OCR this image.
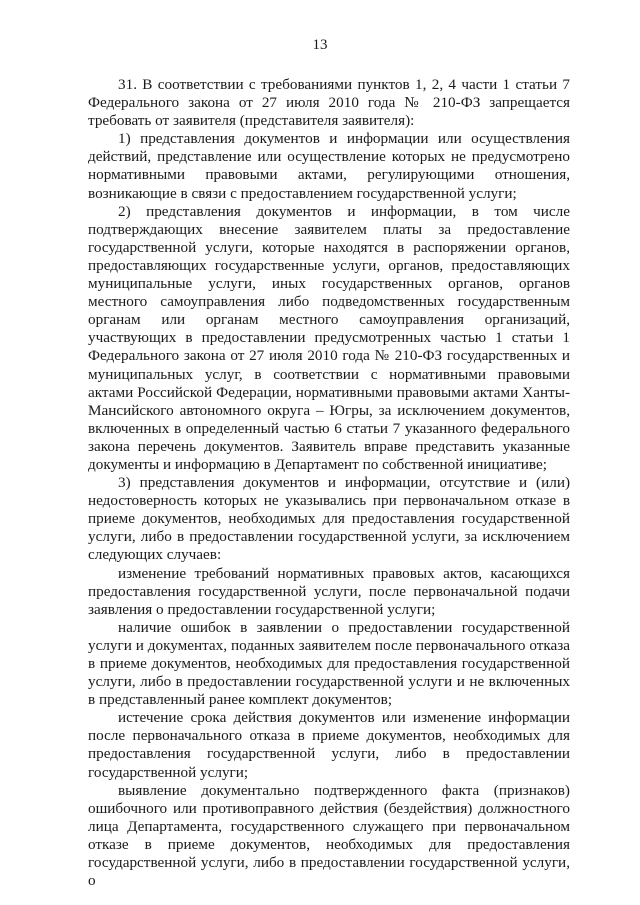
13

31. В соответствии с требованиями пунктов 1, 2, 4 части 1 статьи 7 Федерального закона от 27 июля 2010 года № 210-ФЗ запрещается требовать от заявителя (представителя заявителя):

1) представления документов и информации или осуществления действий, представление или осуществление которых не предусмотрено нормативными правовыми актами, регулирующими отношения, возникающие в связи с предоставлением государственной услуги;

2) представления документов и информации, в том числе подтверждающих внесение заявителем платы за предоставление государственной услуги, которые находятся в распоряжении органов, предоставляющих государственные услуги, органов, предоставляющих муниципальные услуги, иных государственных органов, органов местного самоуправления либо подведомственных государственным органам или органам местного самоуправления организаций, участвующих в предоставлении предусмотренных частью 1 статьи 1 Федерального закона от 27 июля 2010 года № 210-ФЗ государственных и муниципальных услуг, в соответствии с нормативными правовыми актами Российской Федерации, нормативными правовыми актами Ханты-Мансийского автономного округа – Югры, за исключением документов, включенных в определенный частью 6 статьи 7 указанного федерального закона перечень документов. Заявитель вправе представить указанные документы и информацию в Департамент по собственной инициативе;

3) представления документов и информации, отсутствие и (или) недостоверность которых не указывались при первоначальном отказе в приеме документов, необходимых для предоставления государственной услуги, либо в предоставлении государственной услуги, за исключением следующих случаев:

изменение требований нормативных правовых актов, касающихся предоставления государственной услуги, после первоначальной подачи заявления о предоставлении государственной услуги;

наличие ошибок в заявлении о предоставлении государственной услуги и документах, поданных заявителем после первоначального отказа в приеме документов, необходимых для предоставления государственной услуги, либо в предоставлении государственной услуги и не включенных в представленный ранее комплект документов;

истечение срока действия документов или изменение информации после первоначального отказа в приеме документов, необходимых для предоставления государственной услуги, либо в предоставлении государственной услуги;

выявление документально подтвержденного факта (признаков) ошибочного или противоправного действия (бездействия) должностного лица Департамента, государственного служащего при первоначальном отказе в приеме документов, необходимых для предоставления государственной услуги, либо в предоставлении государственной услуги, о
